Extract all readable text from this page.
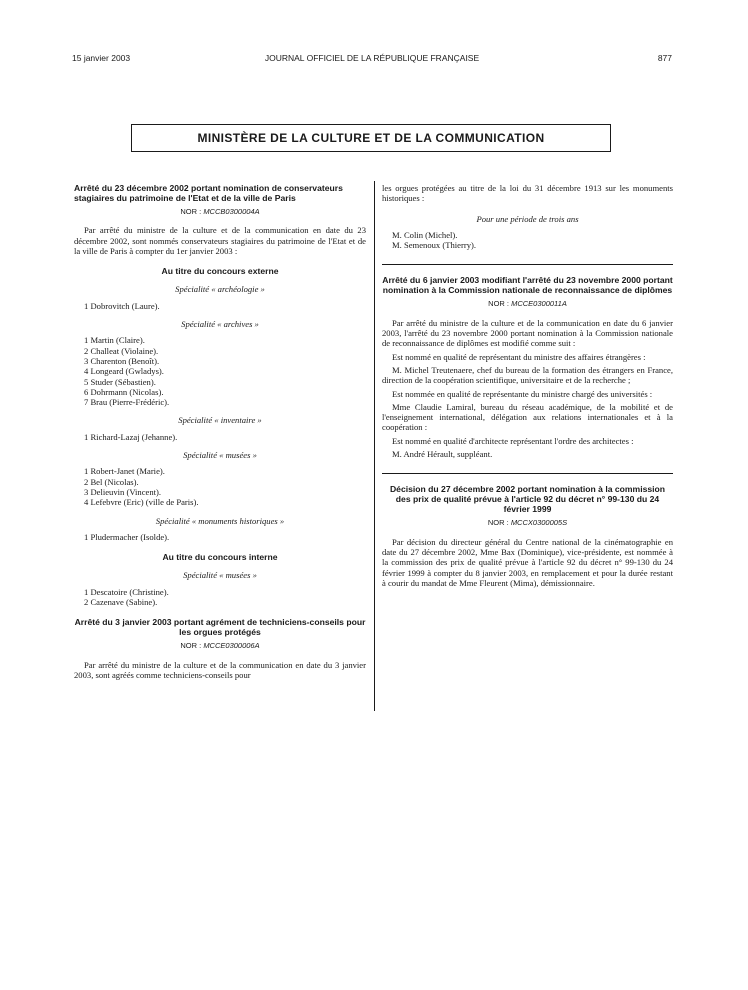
15 janvier 2003	JOURNAL OFFICIEL DE LA RÉPUBLIQUE FRANÇAISE	877
MINISTÈRE DE LA CULTURE ET DE LA COMMUNICATION

Arrêté du 23 décembre 2002 portant nomination de conservateurs stagiaires du patrimoine de l'Etat et de la ville de Paris

NOR : MCCB0300004A

Par arrêté du ministre de la culture et de la communication en date du 23 décembre 2002, sont nommés conservateurs stagiaires du patrimoine de l'Etat et de la ville de Paris à compter du 1er janvier 2003 :

Au titre du concours externe
Spécialité « archéologie »
1 Dobrovitch (Laure).
Spécialité « archives »
1 Martin (Claire).
2 Challeat (Violaine).
3 Charenton (Benoît).
4 Longeard (Gwladys).
5 Studer (Sébastien).
6 Dohrmann (Nicolas).
7 Brau (Pierre-Frédéric).
Spécialité « inventaire »
1 Richard-Lazaj (Jehanne).
Spécialité « musées »
1 Robert-Janet (Marie).
2 Bel (Nicolas).
3 Delieuvin (Vincent).
4 Lefebvre (Eric) (ville de Paris).
Spécialité « monuments historiques »
1 Pludermacher (Isolde).
Au titre du concours interne
Spécialité « musées »
1 Descatoire (Christine).
2 Cazenave (Sabine).

Arrêté du 3 janvier 2003 portant agrément de techniciens-conseils pour les orgues protégés

NOR : MCCE0300006A

Par arrêté du ministre de la culture et de la communication en date du 3 janvier 2003, sont agréés comme techniciens-conseils pour

les orgues protégées au titre de la loi du 31 décembre 1913 sur les monuments historiques :

Pour une période de trois ans
M. Colin (Michel).
M. Semenoux (Thierry).

Arrêté du 6 janvier 2003 modifiant l'arrêté du 23 novembre 2000 portant nomination à la Commission nationale de reconnaissance de diplômes

NOR : MCCE0300011A

Par arrêté du ministre de la culture et de la communication en date du 6 janvier 2003, l'arrêté du 23 novembre 2000 portant nomination à la Commission nationale de reconnaissance de diplômes est modifié comme suit :

Est nommé en qualité de représentant du ministre des affaires étrangères :

M. Michel Treutenaere, chef du bureau de la formation des étrangers en France, direction de la coopération scientifique, universitaire et de la recherche ;

Est nommée en qualité de représentante du ministre chargé des universités :

Mme Claudie Lamiral, bureau du réseau académique, de la mobilité et de l'enseignement international, délégation aux relations internationales et à la coopération :

Est nommé en qualité d'architecte représentant l'ordre des architectes :

M. André Hérault, suppléant.

Décision du 27 décembre 2002 portant nomination à la commission des prix de qualité prévue à l'article 92 du décret n° 99-130 du 24 février 1999

NOR : MCCX0300005S

Par décision du directeur général du Centre national de la cinématographie en date du 27 décembre 2002, Mme Bax (Dominique), vice-présidente, est nommée à la commission des prix de qualité prévue à l'article 92 du décret n° 99-130 du 24 février 1999 à compter du 8 janvier 2003, en remplacement et pour la durée restant à courir du mandat de Mme Fleurent (Mima), démissionnaire.
